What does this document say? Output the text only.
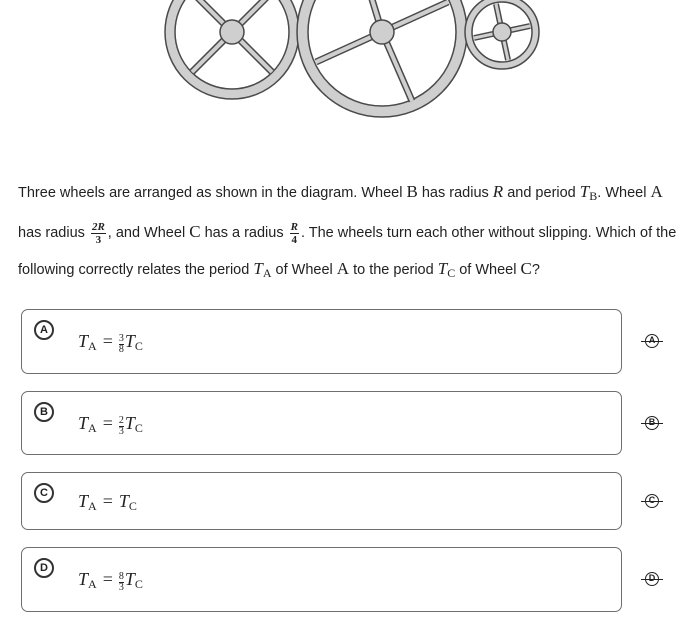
Three wheels are arranged as shown in the diagram. Wheel B has radius R and period $T_B$. Wheel A has radius $\frac{2R}{3}$ , and Wheel C has a radius $\frac{R}{4}$ . The wheels turn each other without slipping. Which of the following correctly relates the period $T_A$ of Wheel A to the period $T_C$ of Wheel C?
A
$T_A = \frac{3}{8} T_C$
B
$T_A = \frac{2}{3} T_C$
C	$T_A = T_C$
D
$T_A = \frac{8}{3} T_C$
